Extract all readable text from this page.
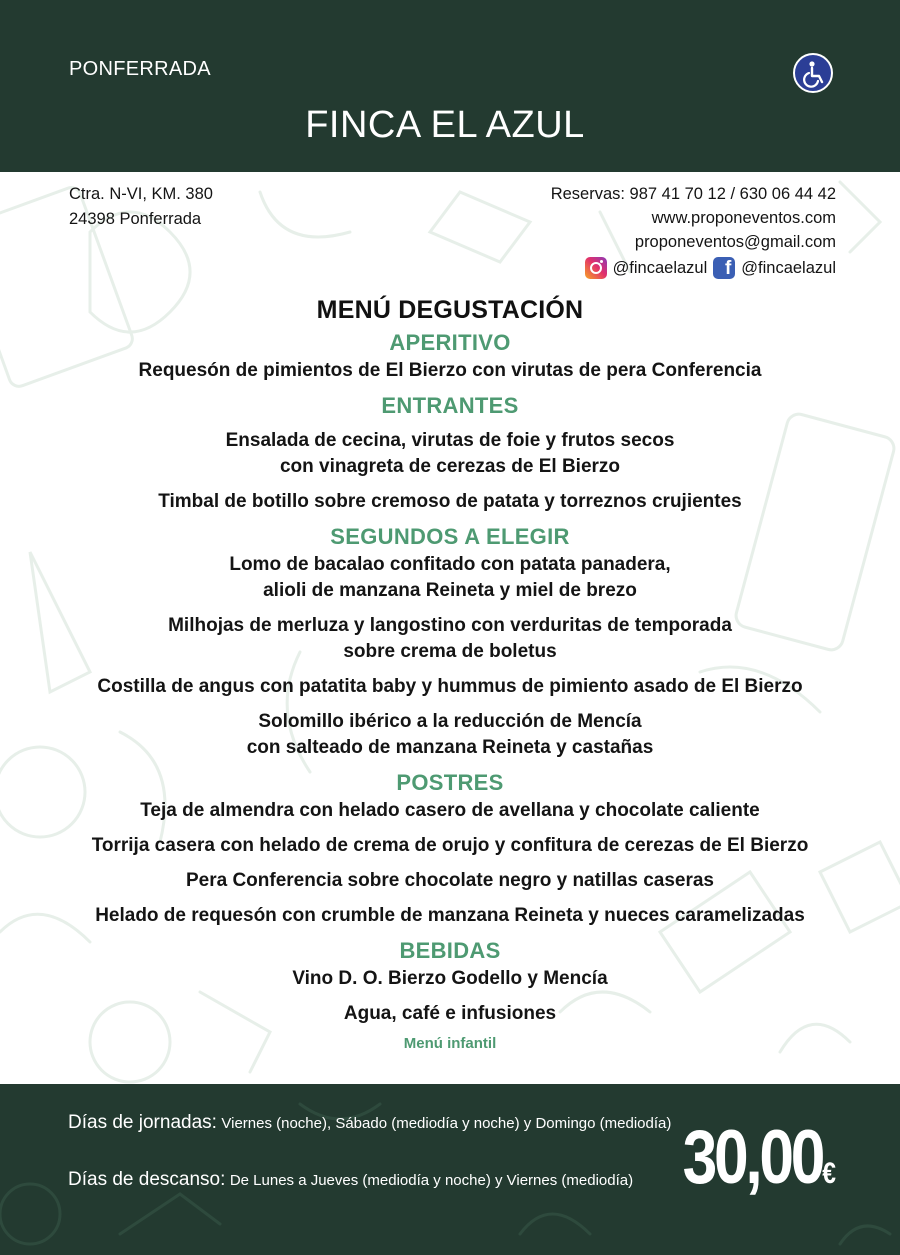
PONFERRADA
FINCA EL AZUL
Ctra. N-VI, KM. 380
24398 Ponferrada
Reservas: 987 41 70 12 / 630 06 44 42
www.proponeventos.com
proponeventos@gmail.com
@fincaelazul f @fincaelazul
MENÚ DEGUSTACIÓN
APERITIVO
Requesón de pimientos de El Bierzo con virutas de pera Conferencia
ENTRANTES
Ensalada de cecina, virutas de foie y frutos secos
con vinagreta de cerezas de El Bierzo
Timbal de botillo sobre cremoso de patata y torreznos crujientes
SEGUNDOS A ELEGIR
Lomo de bacalao confitado con patata panadera,
alioli de manzana Reineta y miel de brezo
Milhojas de merluza y langostino con verduritas de temporada
sobre crema de boletus
Costilla de angus con patatita baby y hummus de pimiento asado de El Bierzo
Solomillo ibérico a la reducción de Mencía
con salteado de manzana Reineta y castañas
POSTRES
Teja de almendra con helado casero de avellana y chocolate caliente
Torrija casera con helado de crema de orujo y confitura de cerezas de El Bierzo
Pera Conferencia sobre chocolate negro y natillas caseras
Helado de requesón con crumble de manzana Reineta y nueces caramelizadas
BEBIDAS
Vino D. O. Bierzo Godello y Mencía
Agua, café e infusiones
Menú infantil
Días de jornadas: Viernes (noche), Sábado (mediodía y noche) y Domingo (mediodía)
Días de descanso: De Lunes a Jueves (mediodía y noche) y Viernes (mediodía) 30,00€
